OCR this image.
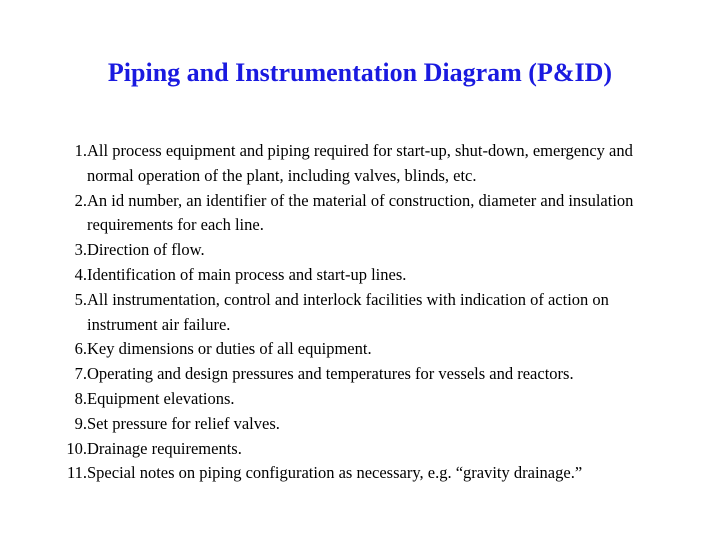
Piping and Instrumentation Diagram (P&ID)
1. All process equipment and piping required for start-up, shut-down, emergency and normal operation of the plant, including valves, blinds, etc.
2. An id number, an identifier of the material of construction, diameter and insulation requirements for each line.
3. Direction of flow.
4. Identification of main process and start-up lines.
5. All instrumentation, control and interlock facilities with indication of action on instrument air failure.
6. Key dimensions or duties of all equipment.
7. Operating and design pressures and temperatures for vessels and reactors.
8. Equipment elevations.
9. Set pressure for relief valves.
10. Drainage requirements.
11. Special notes on piping configuration as necessary, e.g. “gravity drainage.”
